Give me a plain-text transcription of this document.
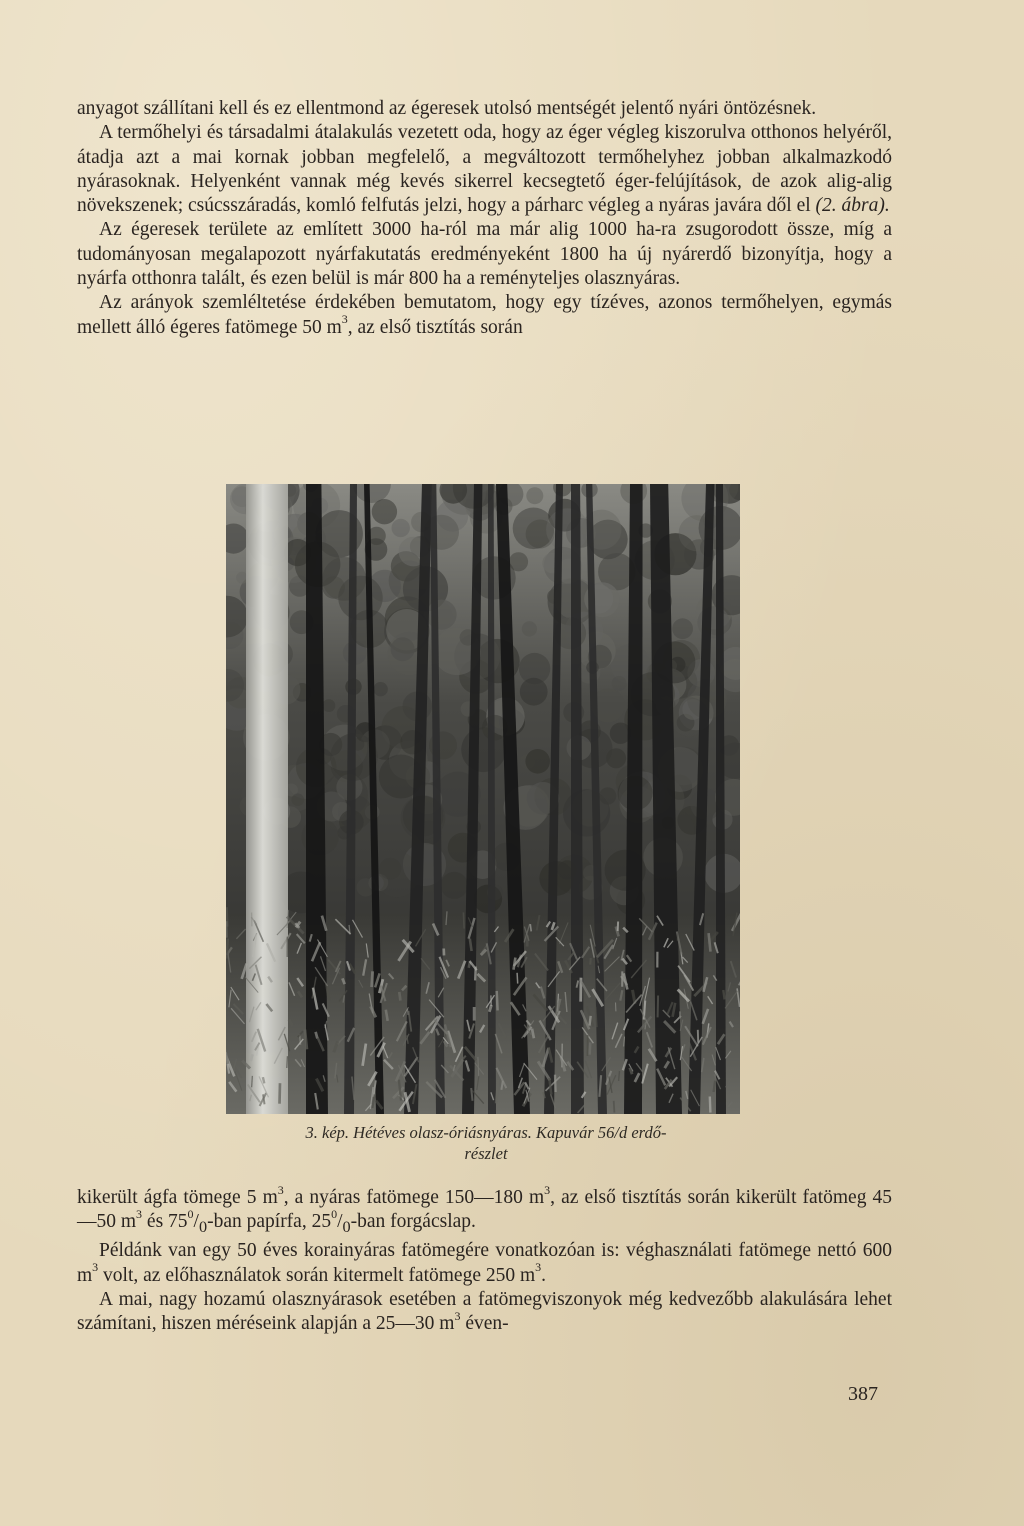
anyagot szállítani kell és ez ellentmond az égeresek utolsó mentségét jelentő nyári öntözésnek.

A termőhelyi és társadalmi átalakulás vezetett oda, hogy az éger végleg kiszorulva otthonos helyéről, átadja azt a mai kornak jobban megfelelő, a megváltozott termőhelyhez jobban alkalmazkodó nyárasoknak. Helyenként vannak még kevés sikerrel kecsegtető éger-felújítások, de azok alig-alig növekszenek; csúcsszáradás, komló felfutás jelzi, hogy a párharc végleg a nyáras javára dől el (2. ábra).

Az égeresek területe az említett 3000 ha-ról ma már alig 1000 ha-ra zsugorodott össze, míg a tudományosan megalapozott nyárfakutatás eredményeként 1800 ha új nyárerdő bizonyítja, hogy a nyárfa otthonra talált, és ezen belül is már 800 ha a reményteljes olasznyáras.

Az arányok szemléltetése érdekében bemutatom, hogy egy tízéves, azonos termőhelyen, egymás mellett álló égeres fatömege 50 $m^3$, az első tisztítás során

3. kép. Hétéves olasz-óriásnyáras. Kapuvár 56/d erdő-
részlet

kikerült ágfa tömege 5 $m^3$, a nyáras fatömege 150—180 $m^3$, az első tisztítás során kikerült fatömeg 45—50 $m^3$ és $75^0/_0$-ban papírfa, $25^0/_0$-ban forgácslap.

Példánk van egy 50 éves korainyáras fatömegére vonatkozóan is: véghasználati fatömege nettó 600 $m^3$ volt, az előhasználatok során kitermelt fatömege 250 $m^3$.

A mai, nagy hozamú olasznyárasok esetében a fatömegviszonyok még kedvezőbb alakulására lehet számítani, hiszen méréseink alapján a 25—30 $m^3$ éven-

387
